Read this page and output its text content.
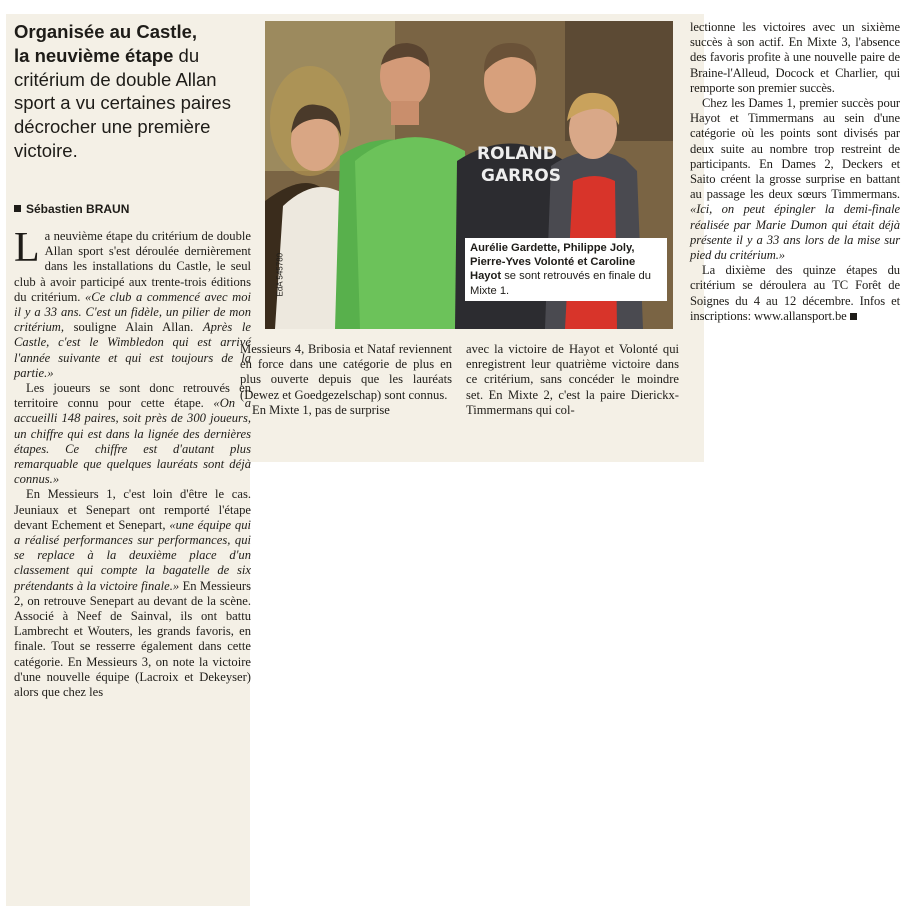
Organisée au Castle,
la neuvième étape du critérium de double Allan sport a vu certaines paires décrocher une première victoire.
Sébastien BRAUN
ROLAND
GARROS
EdA 545780
Aurélie Gardette, Philippe Joly, Pierre-Yves Volonté et Caroline Hayot se sont retrouvés en finale du Mixte 1.

La neuvième étape du critérium de double Allan sport s'est déroulée dernièrement dans les installations du Castle, le seul club à avoir participé aux trente-trois éditions du critérium. «Ce club a commencé avec moi il y a 33 ans. C'est un fidèle, un pilier de mon critérium, souligne Alain Allan. Après le Castle, c'est le Wimbledon qui est arrivé l'année suivante et qui est toujours de la partie.»

Les joueurs se sont donc retrouvés en territoire connu pour cette étape. «On a accueilli 148 paires, soit près de 300 joueurs, un chiffre qui est dans la lignée des dernières étapes. Ce chiffre est d'autant plus remarquable que quelques lauréats sont déjà connus.»

En Messieurs 1, c'est loin d'être le cas. Jeuniaux et Senepart ont remporté l'étape devant Echement et Senepart, «une équipe qui a réalisé performances sur performances, qui se replace à la deuxième place d'un classement qui compte la bagatelle de six prétendants à la victoire finale.» En Messieurs 2, on retrouve Senepart au devant de la scène. Associé à Neef de Sainval, ils ont battu Lambrecht et Wouters, les grands favoris, en finale. Tout se resserre également dans cette catégorie. En Messieurs 3, on note la victoire d'une nouvelle équipe (Lacroix et Dekeyser) alors que chez les

Messieurs 4, Bribosia et Nataf reviennent en force dans une catégorie de plus en plus ouverte depuis que les lauréats (Dewez et Goedgezelschap) sont connus.

En Mixte 1, pas de surprise

avec la victoire de Hayot et Volonté qui enregistrent leur quatrième victoire dans ce critérium, sans concéder le moindre set. En Mixte 2, c'est la paire Dierickx-Timmermans qui col-

lectionne les victoires avec un sixième succès à son actif. En Mixte 3, l'absence des favoris profite à une nouvelle paire de Braine-l'Alleud, Docock et Charlier, qui remporte son premier succès.

Chez les Dames 1, premier succès pour Hayot et Timmermans au sein d'une catégorie où les points sont divisés par deux suite au nombre trop restreint de participants. En Dames 2, Deckers et Saito créent la grosse surprise en battant au passage les deux sœurs Timmermans. «Ici, on peut épingler la demi-finale réalisée par Marie Dumon qui était déjà présente il y a 33 ans lors de la mise sur pied du critérium.»

La dixième des quinze étapes du critérium se déroulera au TC Forêt de Soignes du 4 au 12 décembre. Infos et inscriptions: www.allansport.be
